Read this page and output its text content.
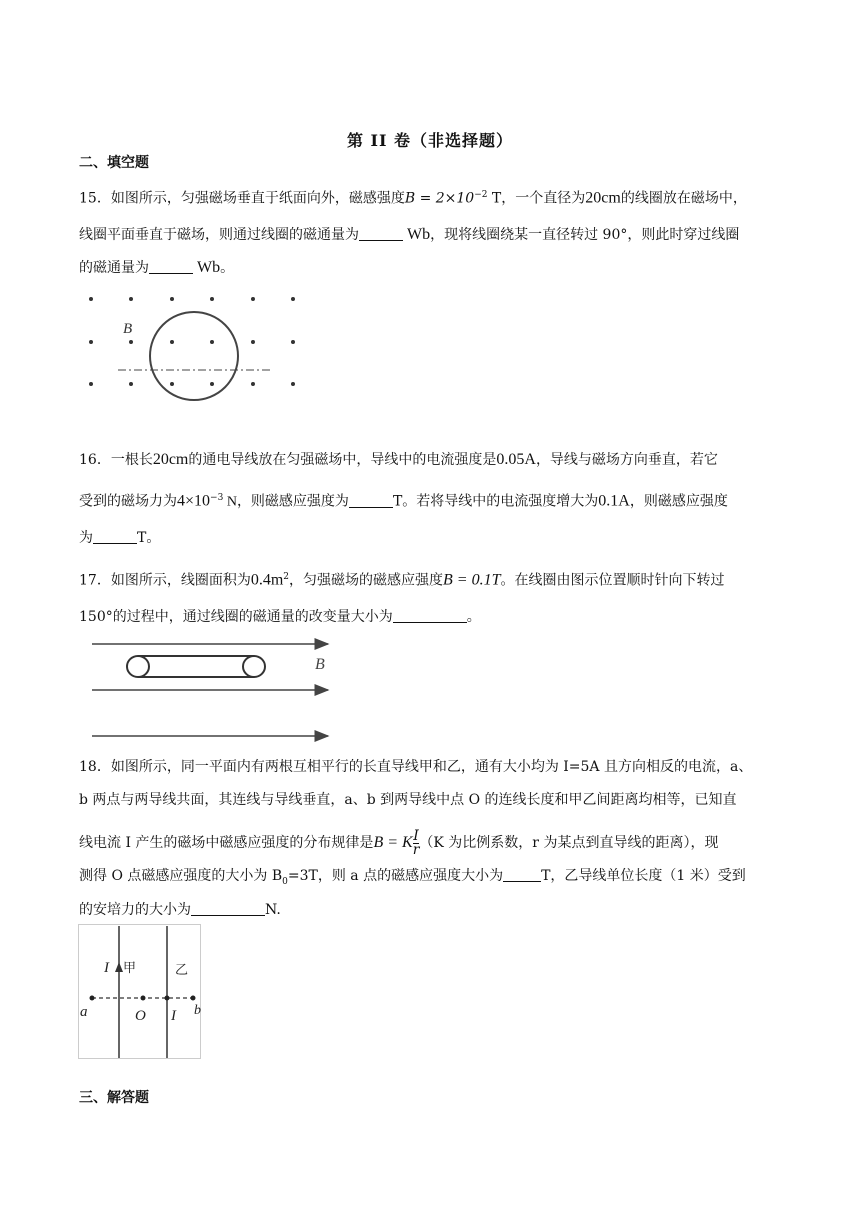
第 II 卷（非选择题）
二、填空题
15．如图所示，匀强磁场垂直于纸面向外，磁感强度$B = 2\times 10^{-2}$ T，一个直径为20cm的线圈放在磁场中，
线圈平面垂直于磁场，则通过线圈的磁通量为	Wb，现将线圈绕某一直径转过 90°，则此时穿过线圈
的磁通量为	Wb。
B
16．一根长20cm的通电导线放在匀强磁场中，导线中的电流强度是0.05A，导线与磁场方向垂直，若它
受到的磁场力为$4\times 10^{-3}$ N，则磁感应强度为	T。若将导线中的电流强度增大为0.1A，则磁感应强度
为	T。
17．如图所示，线圈面积为$0.4m^2$，匀强磁场的磁感应强度B = 0.1T。在线圈由图示位置顺时针向下转过
150°的过程中，通过线圈的磁通量的改变量大小为	。
B
18．如图所示，同一平面内有两根互相平行的长直导线甲和乙，通有大小均为 I=5A 且方向相反的电流，a、
b 两点与两导线共面，其连线与导线垂直，a、b 到两导线中点 O 的连线长度和甲乙间距离均相等，已知直
线电流 I 产生的磁场中磁感应强度的分布规律是B = K $\frac{I}{r} (K$ 为比例系数，r 为某点到直导线的距离），现
测得 O 点磁感应强度的大小为 $B_0=3T$，则 a 点的磁感应强度大小为	T，乙导线单位长度（1 米）受到
的安培力的大小为	N.
I 甲	乙
a	O I b
三、解答题
